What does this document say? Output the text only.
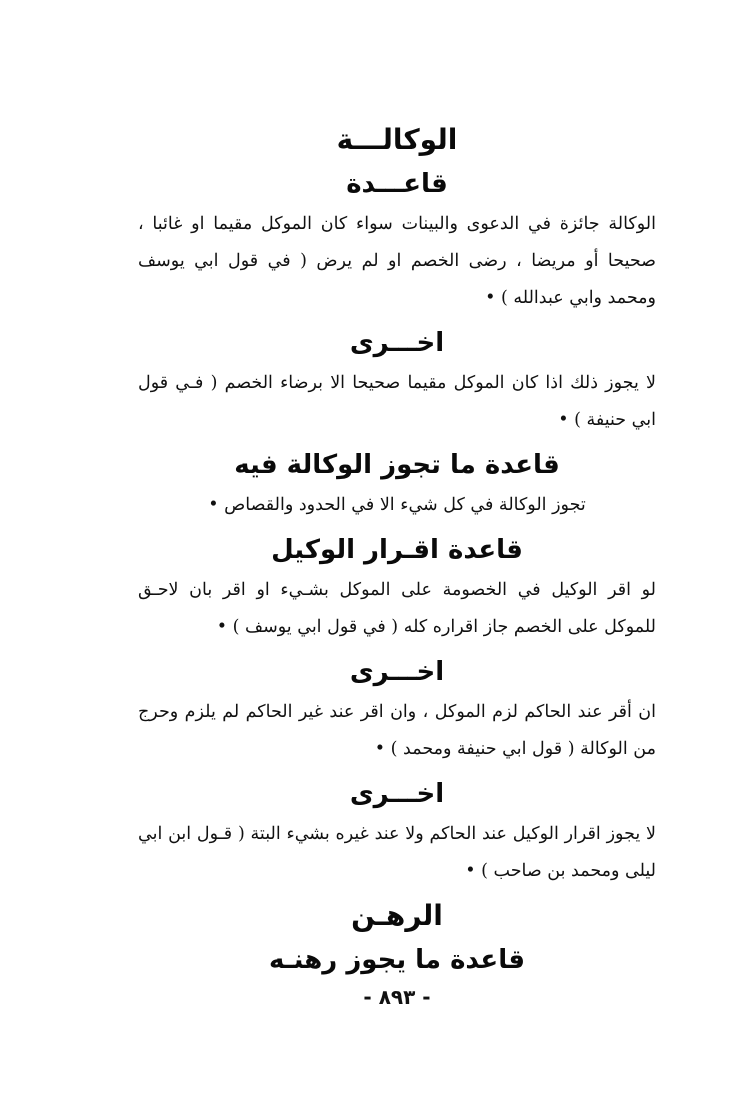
الوكالـــة
قاعـــدة

الوكالة جائزة في الدعوى والبينات سواء كان الموكل مقيما او غائبا ، صحيحا أو مريضا ، رضى الخصم او لم يرض ( في قول ابي يوسف ومحمد وابي عبدالله ) •

اخـــرى

لا يجوز ذلك اذا كان الموكل مقيما صحيحا الا برضاء الخصم ( فـي قول ابي حنيفة ) •

قاعدة ما تجوز الوكالة فيه

تجوز الوكالة في كل شيء الا في الحدود والقصاص •

قاعدة اقـرار الوكيل

لو اقر الوكيل في الخصومة على الموكل بشـيء او اقر بان لاحـق للموكل على الخصم جاز اقراره كله ( في قول ابي يوسف ) •

اخـــرى

ان أقر عند الحاكم لزم الموكل ، وان اقر عند غير الحاكم لم يلزم وحرج من الوكالة ( قول ابي حنيفة ومحمد ) •

اخـــرى

لا يجوز اقرار الوكيل عند الحاكم ولا عند غيره بشيء البتة ( قـول ابن ابي ليلى ومحمد بن صاحب ) •

الرهـن
قاعدة ما يجوز رهنـه
- ٨٩٣ -
